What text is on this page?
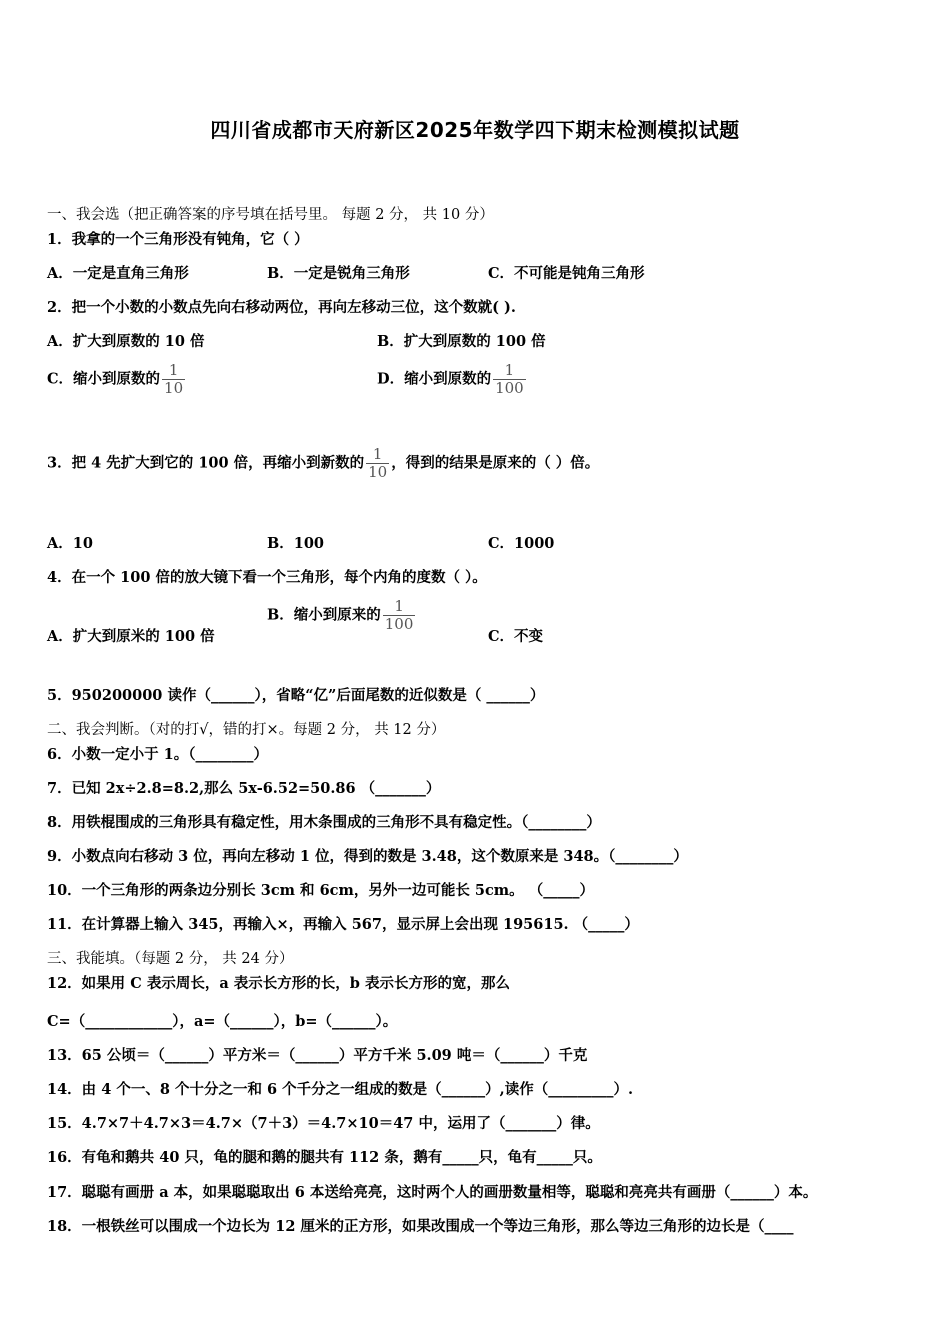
四川省成都市天府新区2025年数学四下期末检测模拟试题
一、我会选（把正确答案的序号填在括号里。 每题 2 分， 共 10 分）
1．我拿的一个三角形没有钝角，它（ ）
A．一定是直角三角形	B．一定是锐角三角形	C．不可能是钝角三角形
2．把一个小数的小数点先向右移动两位，再向左移动三位，这个数就( ).
A．扩大到原数的 10 倍	B．扩大到原数的 100 倍
C．缩小到原数的 $\frac{1}{10}$	D．缩小到原数的 $\frac{1}{100}$
3．把 4 先扩大到它的 100 倍，再缩小到新数的 $\frac{1}{10}$ ，得到的结果是原来的（ ）倍。
A．10	B．100	C．1000
4．在一个 100 倍的放大镜下看一个三角形，每个内角的度数（ ）。
A．扩大到原米的 100 倍
B．缩小到原来的 $\frac{1}{100}$
C．不变
5．950200000 读作（______），省略“亿”后面尾数的近似数是（ ______）
二、我会判断。（对的打√，错的打×。每题 2 分， 共 12 分）
6．小数一定小于 1。（________）
7．已知 2x÷2.8=8.2,那么 5x-6.52=50.86 （_______）
8．用铁棍围成的三角形具有稳定性，用木条围成的三角形不具有稳定性。（________）
9．小数点向右移动 3 位，再向左移动 1 位，得到的数是 3.48，这个数原来是 348。（________）
10．一个三角形的两条边分别长 3cm 和 6cm，另外一边可能长 5cm。 （_____）
11．在计算器上输入 345，再输入×，再输入 567，显示屏上会出现 195615. （_____）
三、我能填。（每题 2 分， 共 24 分）
12．如果用 C 表示周长，a 表示长方形的长，b 表示长方形的宽，那么
C=（____________），a=（______），b=（______）。
13．65 公顷＝（______）平方米＝（______）平方千米 5.09 吨＝（______）千克
14．由 4 个一、8 个十分之一和 6 个千分之一组成的数是（______）,读作（_________）.
15．4.7×7＋4.7×3＝4.7×（7＋3）＝4.7×10＝47 中，运用了（_______）律。
16．有龟和鹅共 40 只，龟的腿和鹅的腿共有 112 条，鹅有_____只，龟有_____只。
17．聪聪有画册 a 本，如果聪聪取出 6 本送给亮亮，这时两个人的画册数量相等，聪聪和亮亮共有画册（______）本。
18．一根铁丝可以围成一个边长为 12 厘米的正方形，如果改围成一个等边三角形，那么等边三角形的边长是（____
